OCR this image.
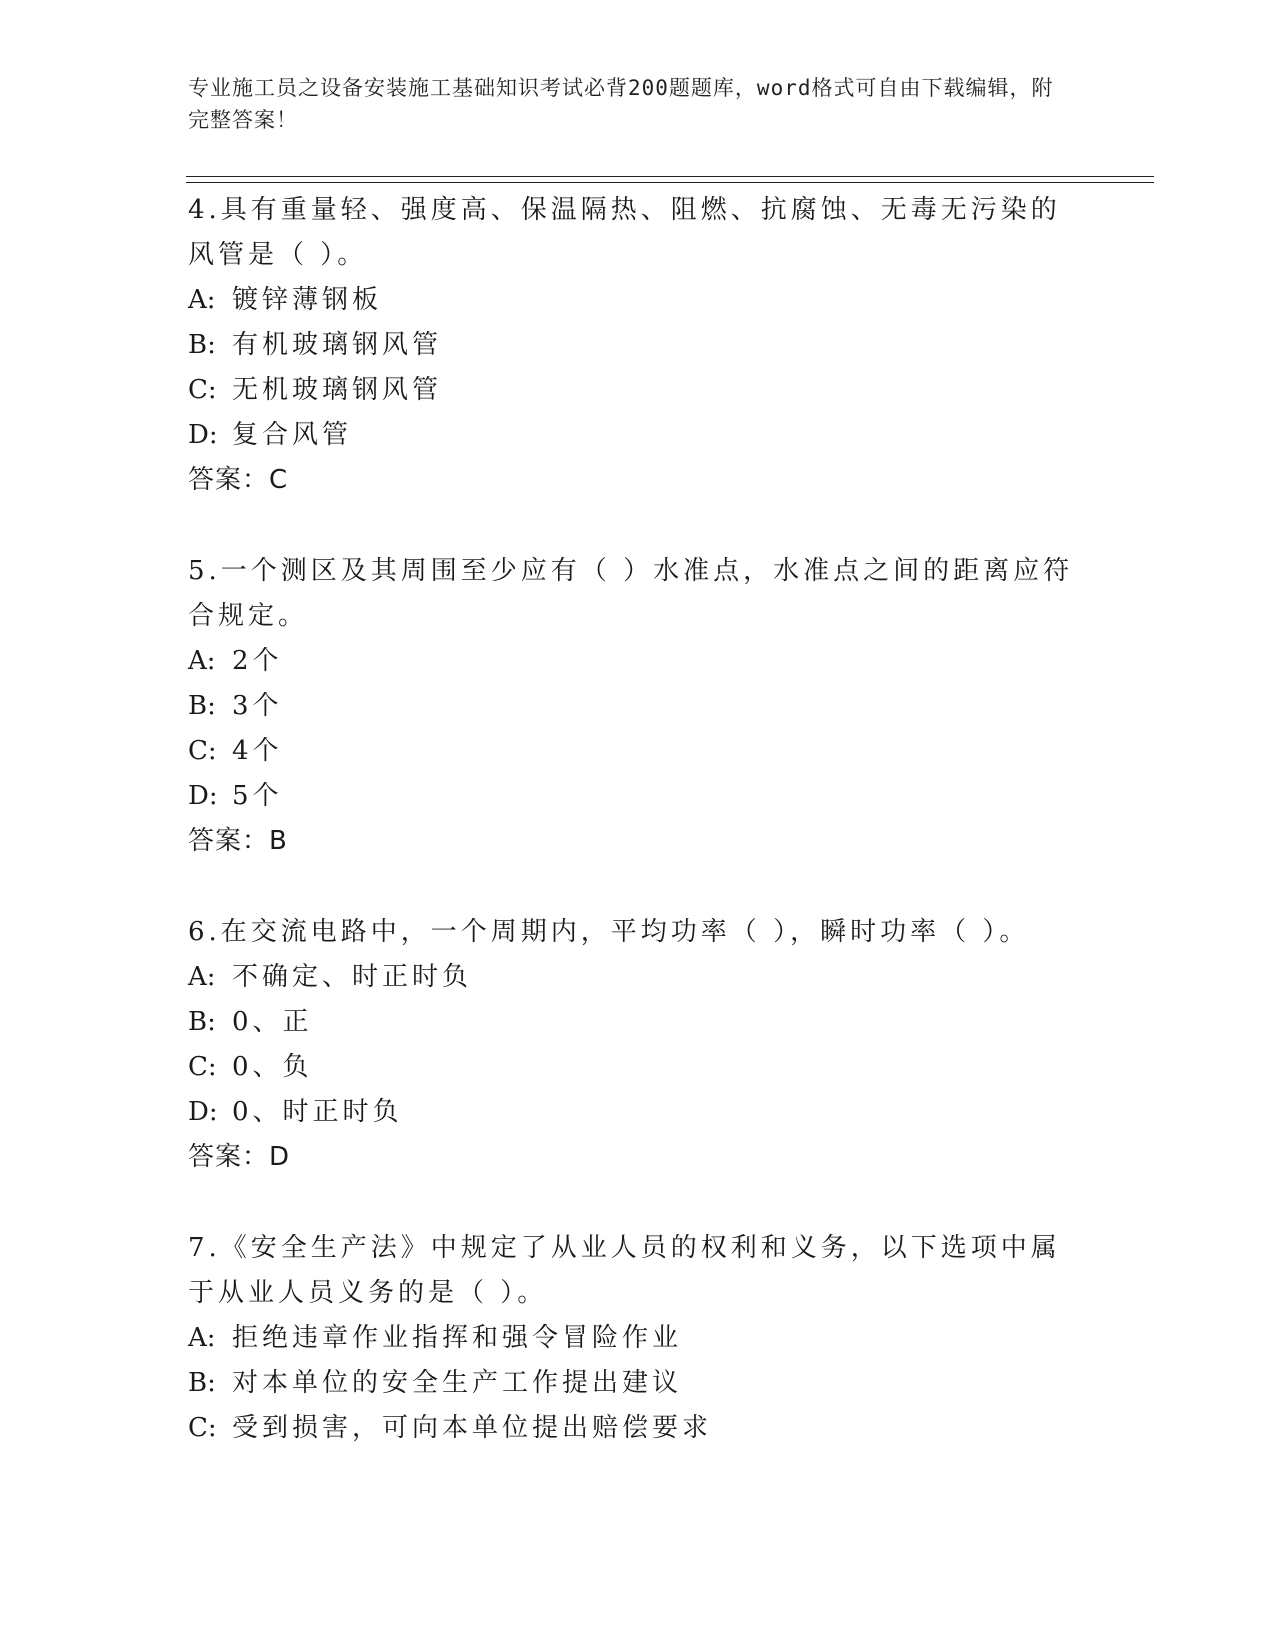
专业施工员之设备安装施工基础知识考试必背200题题库，word格式可自由下载编辑，附完整答案！

4.具有重量轻、强度高、保温隔热、阻燃、抗腐蚀、无毒无污染的风管是（ ）。

A: 镀锌薄钢板

B: 有机玻璃钢风管

C: 无机玻璃钢风管

D: 复合风管

答案：C

5.一个测区及其周围至少应有（ ）水准点，水准点之间的距离应符合规定。

A: 2个

B: 3个

C: 4个

D: 5个

答案：B

6.在交流电路中，一个周期内，平均功率（ ），瞬时功率（ ）。

A: 不确定、时正时负

B: 0、正

C: 0、负

D: 0、时正时负

答案：D

7.《安全生产法》中规定了从业人员的权利和义务，以下选项中属于从业人员义务的是（ ）。

A: 拒绝违章作业指挥和强令冒险作业

B: 对本单位的安全生产工作提出建议

C: 受到损害，可向本单位提出赔偿要求
